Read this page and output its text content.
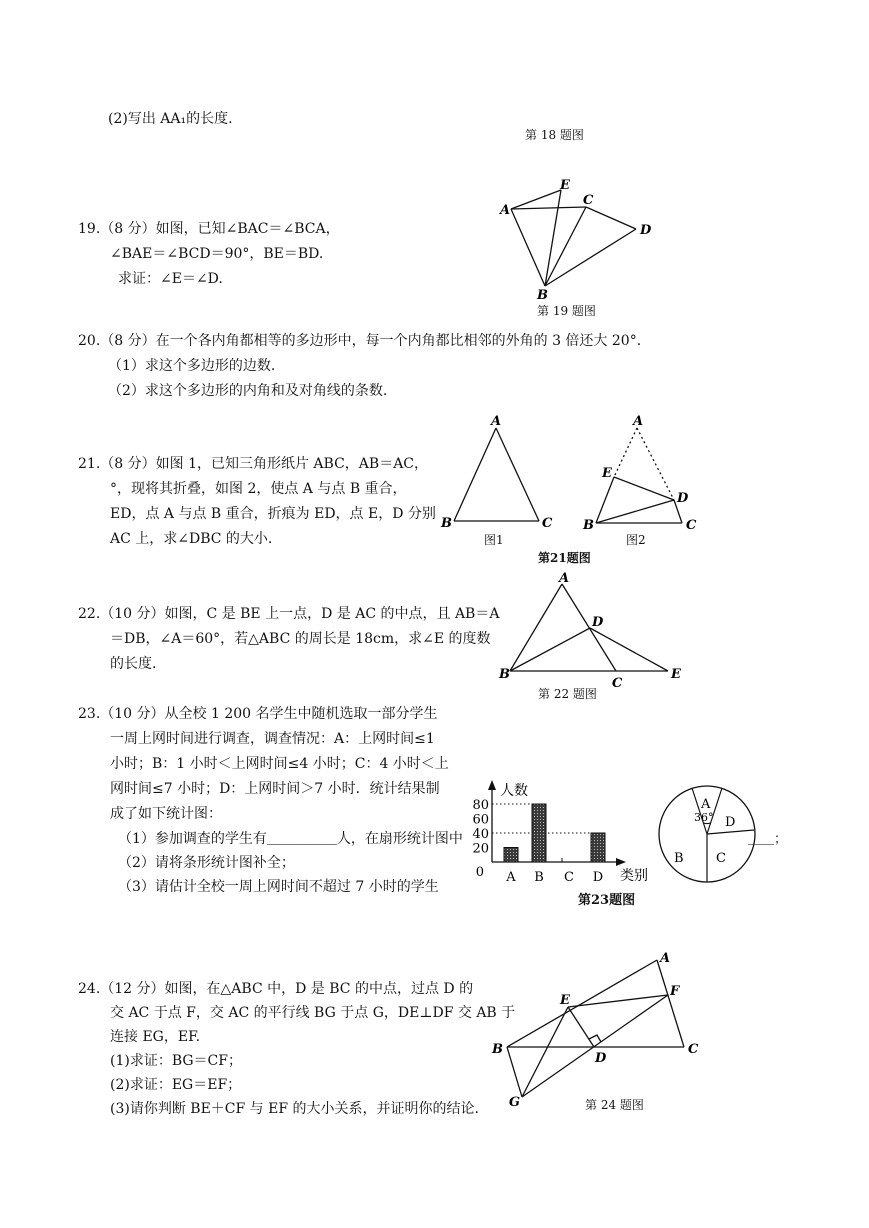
(2)写出 AA₁的长度.
第 18 题图
19.（8 分）如图，已知∠BAC＝∠BCA，
∠BAE＝∠BCD＝90°，BE＝BD.
求证：∠E＝∠D.
A
E
C
D
B
第 19 题图
20.（8 分）在一个各内角都相等的多边形中，每一个内角都比相邻的外角的 3 倍还大 20°.
（1）求这个多边形的边数.
（2）求这个多边形的内角和及对角线的条数.
21.（8 分）如图 1，已知三角形纸片 ABC，AB＝AC，
°，现将其折叠，如图 2，使点 A 与点 B 重合，
ED，点 A 与点 B 重合，折痕为 ED，点 E，D 分别
AC 上，求∠DBC 的大小.
A
B	C
A
E
D
B	C
图1	图2
第21题图
22.（10 分）如图，C 是 BE 上一点，D 是 AC 的中点，且 AB＝A
＝DB，∠A＝60°，若△ABC 的周长是 18cm，求∠E 的度数
的长度.
A
D
B
C
E
第 22 题图
23.（10 分）从全校 1 200 名学生中随机选取一部分学生
一周上网时间进行调查，调查情况：A：上网时间≤1
小时；B：1 小时＜上网时间≤4 小时；C：4 小时＜上
网时间≤7 小时；D：上网时间＞7 小时．统计结果制
成了如下统计图：
（1）参加调查的学生有＿＿＿＿＿人，在扇形统计图中
（2）请将条形统计图补全；
（3）请估计全校一周上网时间不超过 7 小时的学生
人数
类别
0
20
40
60
80
A B C D
A
36° D
B C
＿＿；
第23题图
24.（12 分）如图，在△ABC 中，D 是 BC 的中点，过点 D 的
交 AC 于点 F，交 AC 的平行线 BG 于点 G，DE⊥DF 交 AB 于
连接 EG，EF.
(1)求证：BG＝CF；
(2)求证：EG＝EF；
(3)请你判断 BE＋CF 与 EF 的大小关系，并证明你的结论.
A
E
F
B
D
C
G	第 24 题图
